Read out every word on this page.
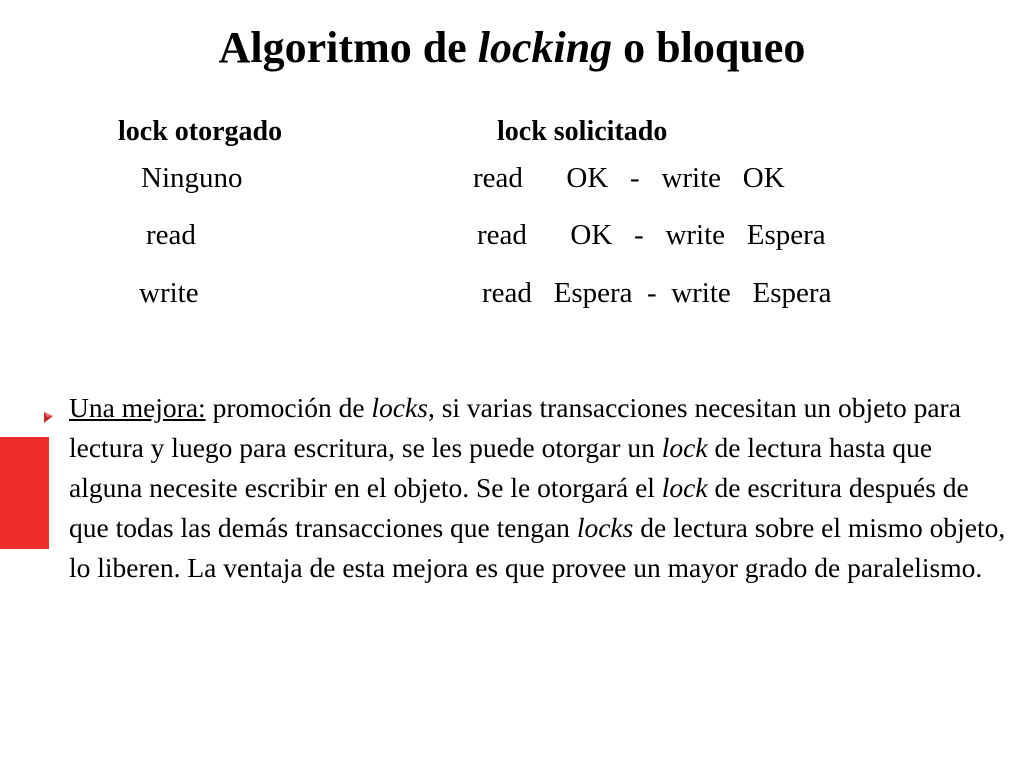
Algoritmo de locking o bloqueo
lock otorgado	lock solicitado
Ninguno	read      OK   -   write   OK
read	read      OK   -   write   Espera
write	read   Espera  -  write   Espera
Una mejora: promoción de locks, si varias transacciones necesitan un objeto para lectura y luego para escritura, se les puede otorgar un lock de lectura hasta que alguna necesite escribir en el objeto. Se le otorgará el lock de escritura después de que todas las demás transacciones que tengan locks de lectura sobre el mismo objeto, lo liberen. La ventaja de esta mejora es que provee un mayor grado de paralelismo.
